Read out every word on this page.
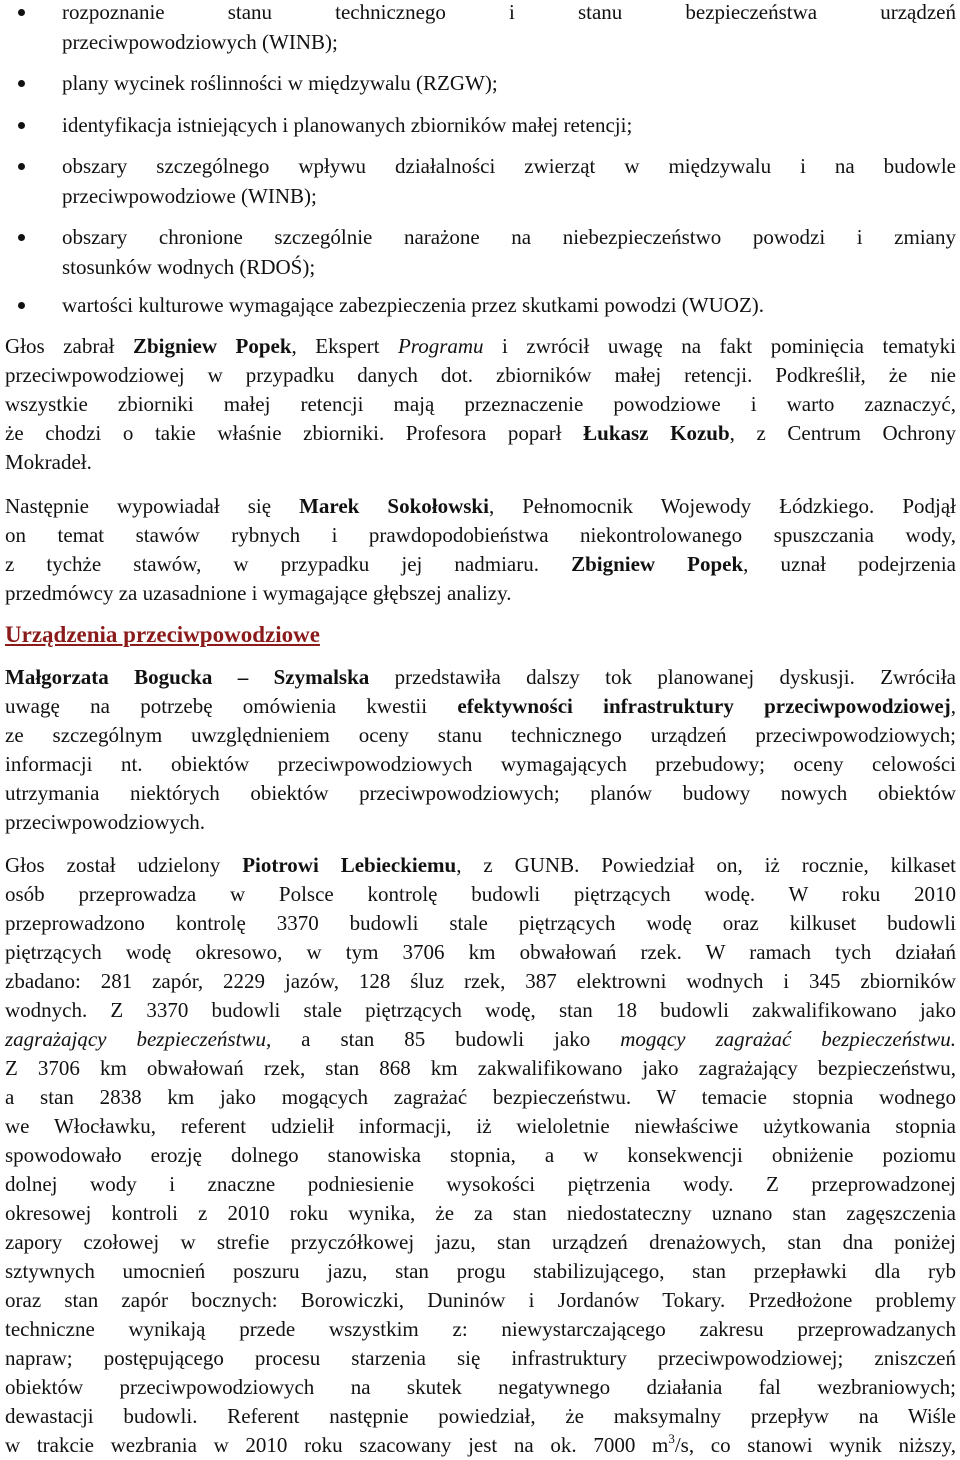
rozpoznanie stanu technicznego i stanu bezpieczeństwa urządzeń
przeciwpowodziowych (WINB);
plany wycinek roślinności w międzywalu (RZGW);
identyfikacja istniejących i planowanych zbiorników małej retencji;
obszary szczególnego wpływu działalności zwierząt w międzywalu i na budowle
przeciwpowodziowe (WINB);
obszary chronione szczególnie narażone na niebezpieczeństwo powodzi i zmiany
stosunków wodnych (RDOŚ);
wartości kulturowe wymagające zabezpieczenia przez skutkami powodzi (WUOZ).
Głos zabrał Zbigniew Popek, Ekspert Programu i zwrócił uwagę na fakt pominięcia tematyki
przeciwpowodziowej w przypadku danych dot. zbiorników małej retencji. Podkreślił, że nie
wszystkie zbiorniki małej retencji mają przeznaczenie powodziowe i warto zaznaczyć,
że chodzi o takie właśnie zbiorniki. Profesora poparł Łukasz Kozub, z Centrum Ochrony
Mokradeł.
Następnie wypowiadał się Marek Sokołowski, Pełnomocnik Wojewody Łódzkiego. Podjął
on temat stawów rybnych i prawdopodobieństwa niekontrolowanego spuszczania wody,
z tychże stawów, w przypadku jej nadmiaru. Zbigniew Popek, uznał podejrzenia
przedmówcy za uzasadnione i wymagające głębszej analizy.
Urządzenia przeciwpowodziowe
Małgorzata Bogucka – Szymalska przedstawiła dalszy tok planowanej dyskusji. Zwróciła
uwagę na potrzebę omówienia kwestii efektywności infrastruktury przeciwpowodziowej,
ze szczególnym uwzględnieniem oceny stanu technicznego urządzeń przeciwpowodziowych;
informacji nt. obiektów przeciwpowodziowych wymagających przebudowy; oceny celowości
utrzymania niektórych obiektów przeciwpowodziowych; planów budowy nowych obiektów
przeciwpowodziowych.
Głos został udzielony Piotrowi Lebieckiemu, z GUNB. Powiedział on, iż rocznie, kilkaset
osób przeprowadza w Polsce kontrolę budowli piętrzących wodę. W roku 2010
przeprowadzono kontrolę 3370 budowli stale piętrzących wodę oraz kilkuset budowli
piętrzących wodę okresowo, w tym 3706 km obwałowań rzek. W ramach tych działań
zbadano: 281 zapór, 2229 jazów, 128 śluz rzek, 387 elektrowni wodnych i 345 zbiorników
wodnych. Z 3370 budowli stale piętrzących wodę, stan 18 budowli zakwalifikowano jako
zagrażający bezpieczeństwu, a stan 85 budowli jako mogący zagrażać bezpieczeństwu.
Z 3706 km obwałowań rzek, stan 868 km zakwalifikowano jako zagrażający bezpieczeństwu,
a stan 2838 km jako mogących zagrażać bezpieczeństwu. W temacie stopnia wodnego
we Włocławku, referent udzielił informacji, iż wieloletnie niewłaściwe użytkowania stopnia
spowodowało erozję dolnego stanowiska stopnia, a w konsekwencji obniżenie poziomu
dolnej wody i znaczne podniesienie wysokości piętrzenia wody. Z przeprowadzonej
okresowej kontroli z 2010 roku wynika, że za stan niedostateczny uznano stan zagęszczenia
zapory czołowej w strefie przyczółkowej jazu, stan urządzeń drenażowych, stan dna poniżej
sztywnych umocnień poszuru jazu, stan progu stabilizującego, stan przepławki dla ryb
oraz stan zapór bocznych: Borowiczki, Duninów i Jordanów Tokary. Przedłożone problemy
techniczne wynikają przede wszystkim z: niewystarczającego zakresu przeprowadzanych
napraw; postępującego procesu starzenia się infrastruktury przeciwpowodziowej; zniszczeń
obiektów przeciwpowodziowych na skutek negatywnego działania fal wezbraniowych;
dewastacji budowli. Referent następnie powiedział, że maksymalny przepływ na Wiśle
w trakcie wezbrania w 2010 roku szacowany jest na ok. 7000 $m^3/s$, co stanowi wynik niższy,
